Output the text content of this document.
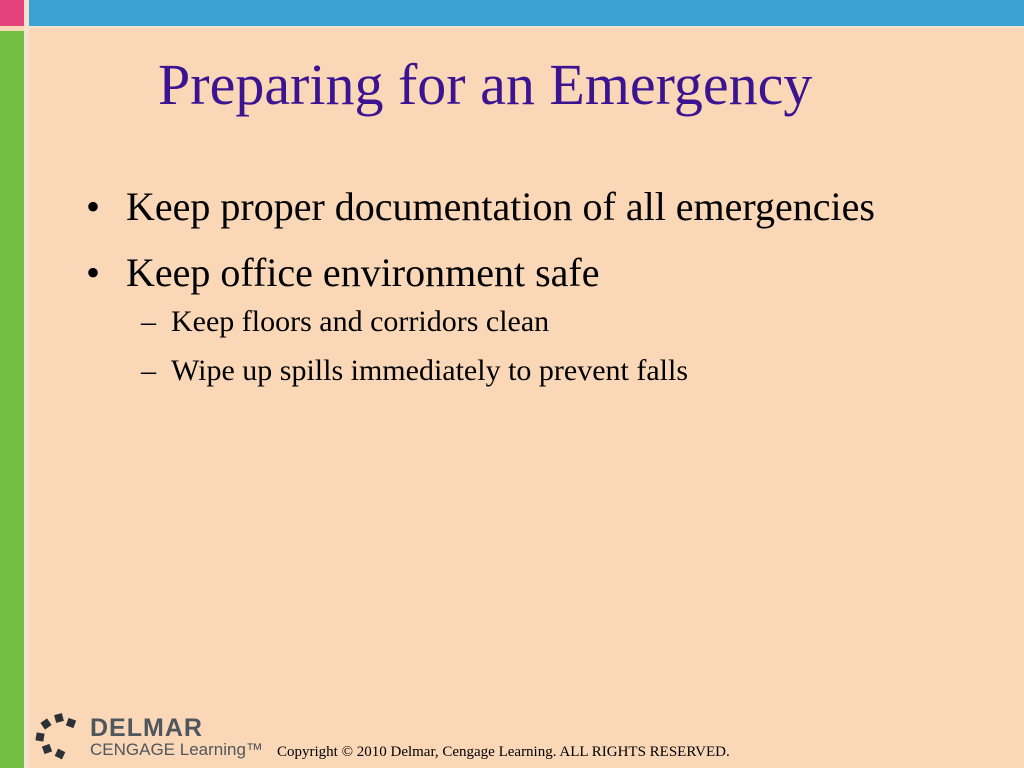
Preparing for an Emergency
• Keep proper documentation of all emergencies
• Keep office environment safe
– Keep floors and corridors clean
– Wipe up spills immediately to prevent falls
DELMAR
CENGAGE Learning™ Copyright © 2010 Delmar, Cengage Learning. ALL RIGHTS RESERVED.
